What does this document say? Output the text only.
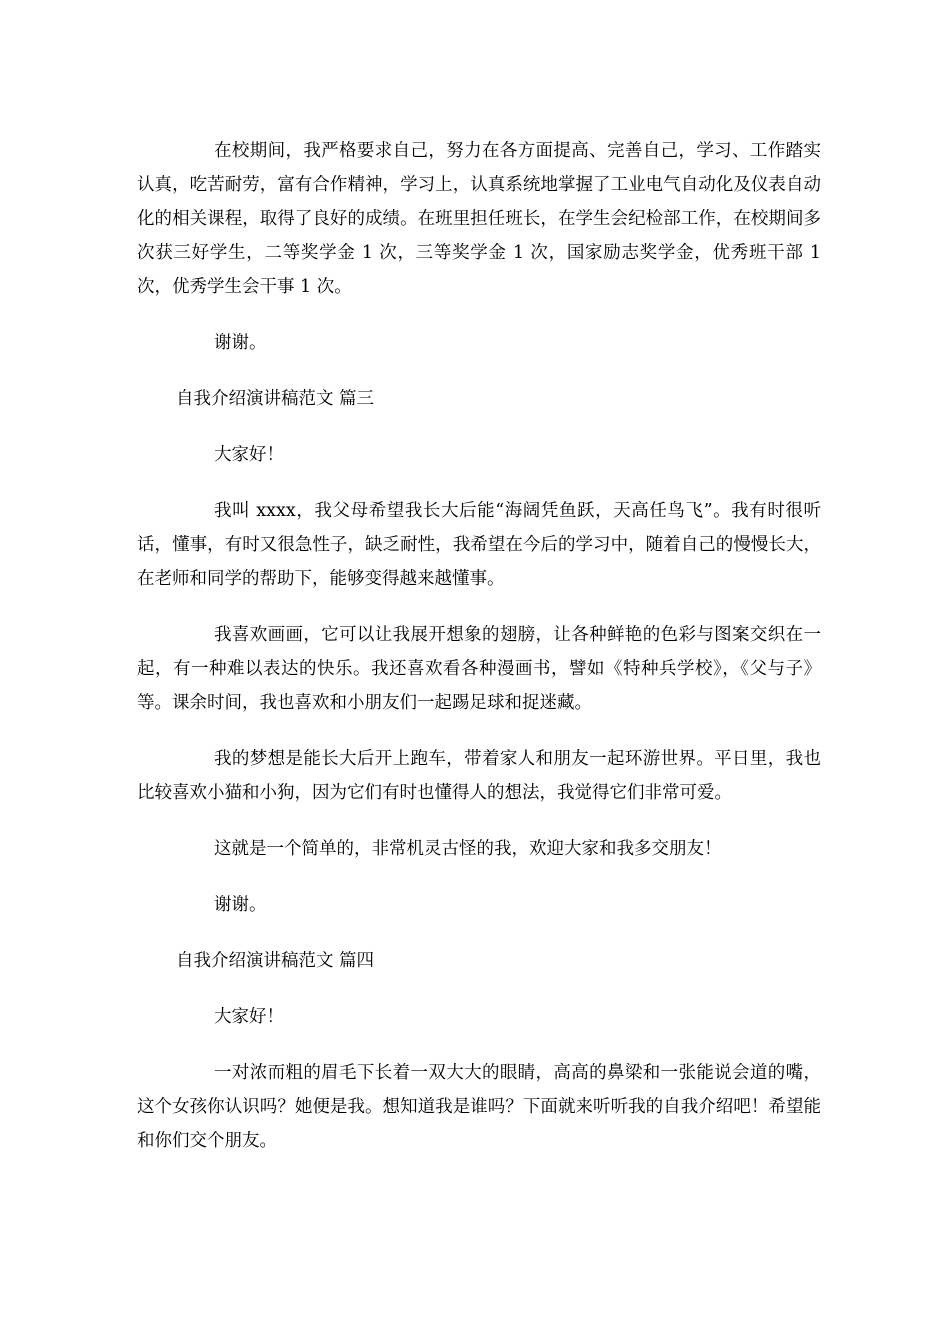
在校期间，我严格要求自己，努力在各方面提高、完善自己，学习、工作踏实认真，吃苦耐劳，富有合作精神，学习上，认真系统地掌握了工业电气自动化及仪表自动化的相关课程，取得了良好的成绩。在班里担任班长，在学生会纪检部工作，在校期间多次获三好学生，二等奖学金 1 次，三等奖学金 1 次，国家励志奖学金，优秀班干部 1 次，优秀学生会干事 1 次。

谢谢。

自我介绍演讲稿范文 篇三

大家好！

我叫 xxxx，我父母希望我长大后能“海阔凭鱼跃，天高任鸟飞”。我有时很听话，懂事，有时又很急性子，缺乏耐性，我希望在今后的学习中，随着自己的慢慢长大，在老师和同学的帮助下，能够变得越来越懂事。

我喜欢画画，它可以让我展开想象的翅膀，让各种鲜艳的色彩与图案交织在一起，有一种难以表达的快乐。我还喜欢看各种漫画书，譬如《特种兵学校》，《父与子》等。课余时间，我也喜欢和小朋友们一起踢足球和捉迷藏。

我的梦想是能长大后开上跑车，带着家人和朋友一起环游世界。平日里，我也比较喜欢小猫和小狗，因为它们有时也懂得人的想法，我觉得它们非常可爱。

这就是一个简单的，非常机灵古怪的我，欢迎大家和我多交朋友！

谢谢。

自我介绍演讲稿范文 篇四

大家好！

一对浓而粗的眉毛下长着一双大大的眼睛，高高的鼻梁和一张能说会道的嘴，这个女孩你认识吗？她便是我。想知道我是谁吗？下面就来听听我的自我介绍吧！希望能和你们交个朋友。
